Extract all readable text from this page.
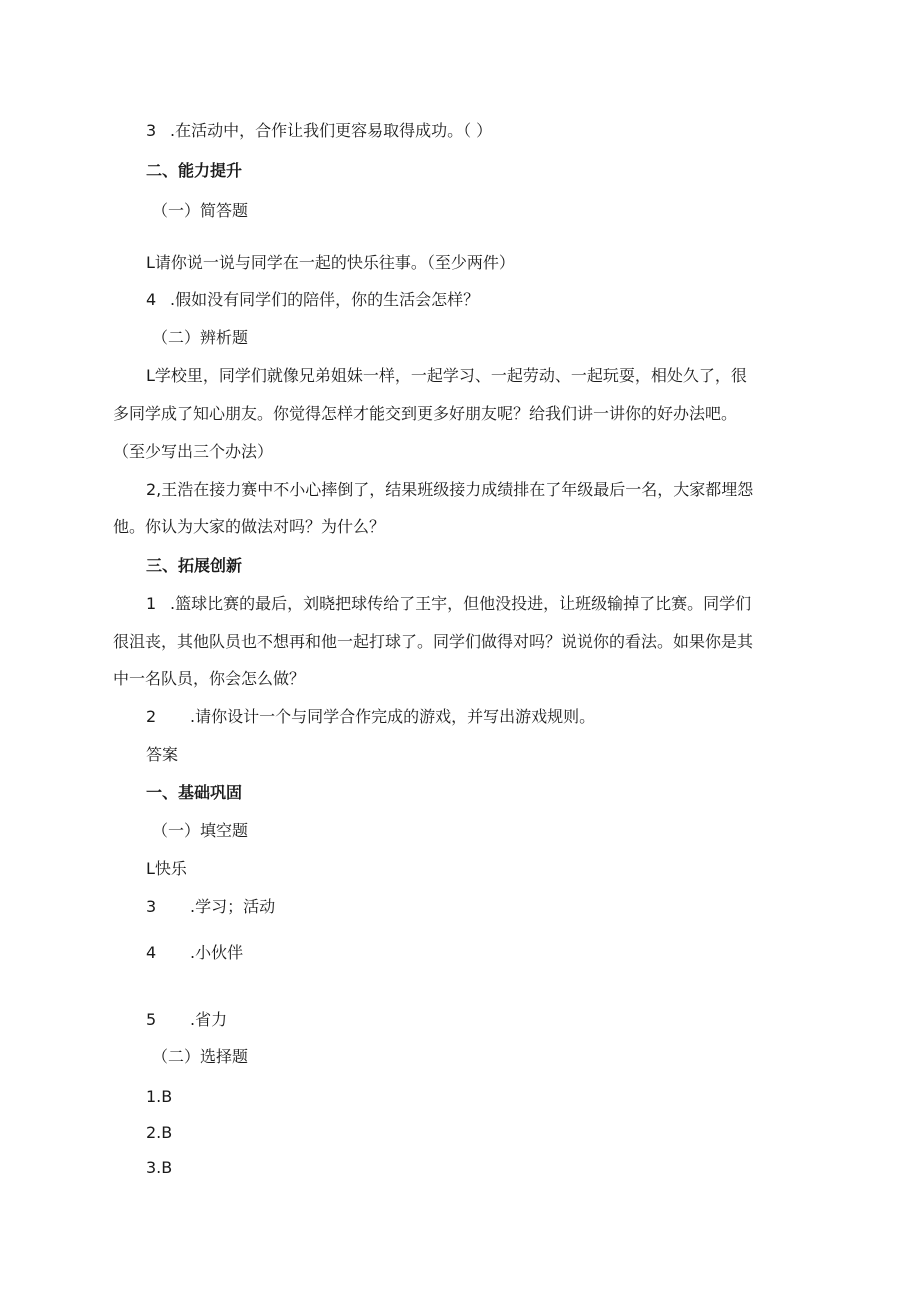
3 .在活动中，合作让我们更容易取得成功。（ ）
二、能力提升
（一）简答题
L请你说一说与同学在一起的快乐往事。（至少两件）
4 .假如没有同学们的陪伴，你的生活会怎样？
（二）辨析题
L学校里，同学们就像兄弟姐妹一样，一起学习、一起劳动、一起玩耍，相处久了，很
多同学成了知心朋友。你觉得怎样才能交到更多好朋友呢？给我们讲一讲你的好办法吧。
（至少写出三个办法）
2,王浩在接力赛中不小心摔倒了，结果班级接力成绩排在了年级最后一名，大家都埋怨
他。你认为大家的做法对吗？为什么？
三、拓展创新
1 .篮球比赛的最后，刘晓把球传给了王宇，但他没投进，让班级输掉了比赛。同学们
很沮丧，其他队员也不想再和他一起打球了。同学们做得对吗？说说你的看法。如果你是其
中一名队员，你会怎么做？
2 .请你设计一个与同学合作完成的游戏，并写出游戏规则。
答案
一、基础巩固
（一）填空题
L快乐
3 .学习；活动
4 .小伙伴
5 .省力
（二）选择题
1.B
2.B
3.B
